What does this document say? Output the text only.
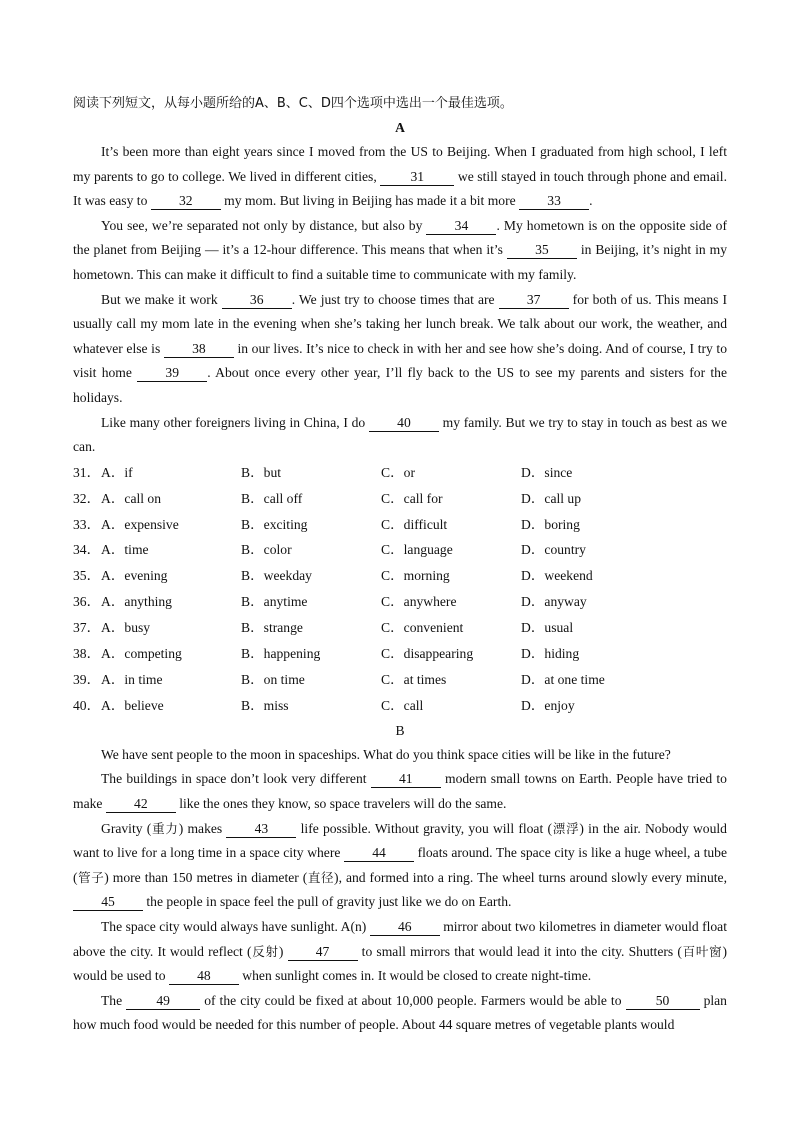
阅读下列短文，从每小题所给的A、B、C、D四个选项中选出一个最佳选项。

A

It’s been more than eight years since I moved from the US to Beijing. When I graduated from high school, I left my parents to go to college. We lived in different cities, 31 we still stayed in touch through phone and email. It was easy to 32 my mom. But living in Beijing has made it a bit more 33 .

You see, we’re separated not only by distance, but also by 34 . My hometown is on the opposite side of the planet from Beijing — it’s a 12-hour difference. This means that when it’s 35 in Beijing, it’s night in my hometown. This can make it difficult to find a suitable time to communicate with my family.

But we make it work 36 . We just try to choose times that are 37 for both of us. This means I usually call my mom late in the evening when she’s taking her lunch break. We talk about our work, the weather, and whatever else is 38 in our lives. It’s nice to check in with her and see how she’s doing. And of course, I try to visit home 39 . About once every other year, I’ll fly back to the US to see my parents and sisters for the holidays.

Like many other foreigners living in China, I do 40 my family. But we try to stay in touch as best as we can.

31． A．if	B．but	C．or	D．since
32． A．call on	B．call off	C．call for	D．call up
33． A．expensive	B．exciting	C．difficult	D．boring
34． A．time	B．color	C．language	D．country
35． A．evening	B．weekday	C．morning	D．weekend
36． A．anything	B．anytime	C．anywhere	D．anyway
37． A．busy	B．strange	C．convenient	D．usual
38． A．competing	B．happening	C．disappearing	D．hiding
39． A．in time	B．on time	C．at times	D．at one time
40． A．believe	B．miss	C．call	D．enjoy

B

We have sent people to the moon in spaceships. What do you think space cities will be like in the future?

The buildings in space don’t look very different 41 modern small towns on Earth. People have tried to make 42 like the ones they know, so space travelers will do the same.

Gravity (重力) makes 43 life possible. Without gravity, you will float (漂浮) in the air. Nobody would want to live for a long time in a space city where 44 floats around. The space city is like a huge wheel, a tube (管子) more than 150 metres in diameter (直径), and formed into a ring. The wheel turns around slowly every minute, 45 the people in space feel the pull of gravity just like we do on Earth.

The space city would always have sunlight. A(n) 46 mirror about two kilometres in diameter would float above the city. It would reflect (反射) 47 to small mirrors that would lead it into the city. Shutters (百叶窗) would be used to 48 when sunlight comes in. It would be closed to create night-time.

The 49 of the city could be fixed at about 10,000 people. Farmers would be able to 50 plan how much food would be needed for this number of people. About 44 square metres of vegetable plants would
